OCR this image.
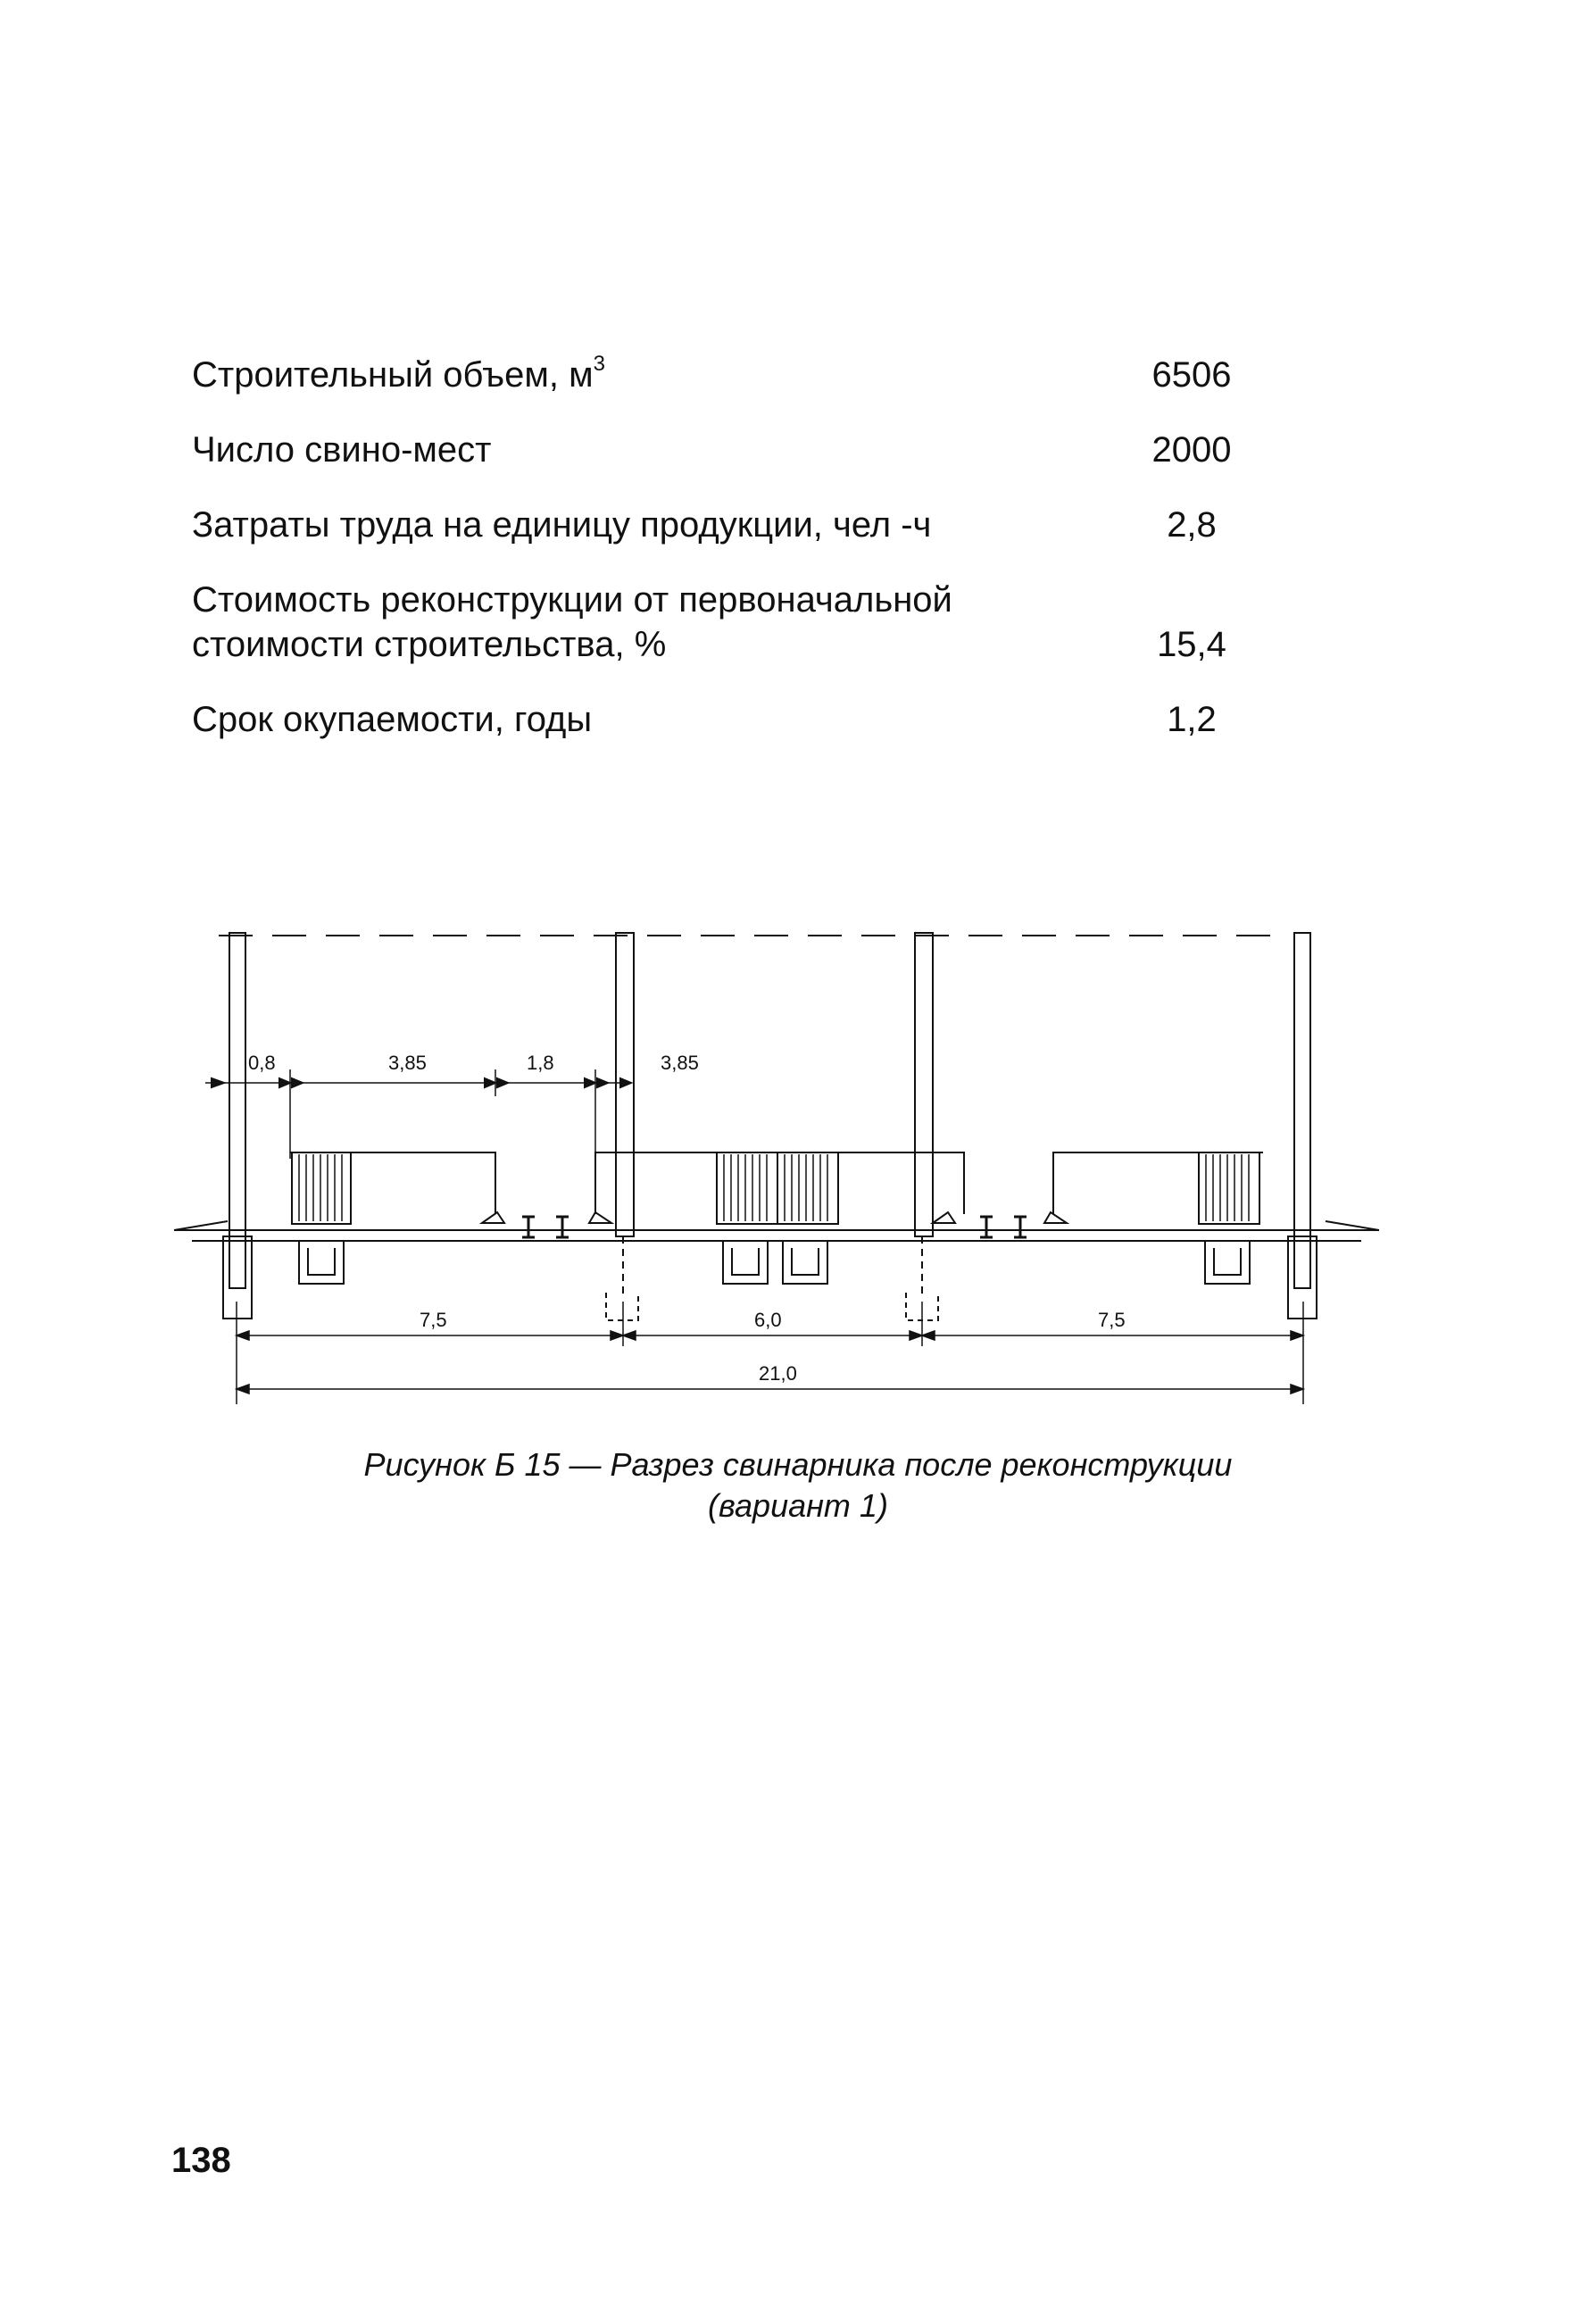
Строительный объем, $м^3$	6506
Число свино-мест	2000
Затраты труда на единицу продукции, чел -ч	2,8
Стоимость реконструкции от первоначальной
стоимости строительства, %	15,4
Срок окупаемости, годы	1,2
0,8	3,85	1,8	3,85
7,5	6,0	7,5
21,0
Рисунок Б 15 — Разрез свинарника после реконструкции
(вариант 1)
138
